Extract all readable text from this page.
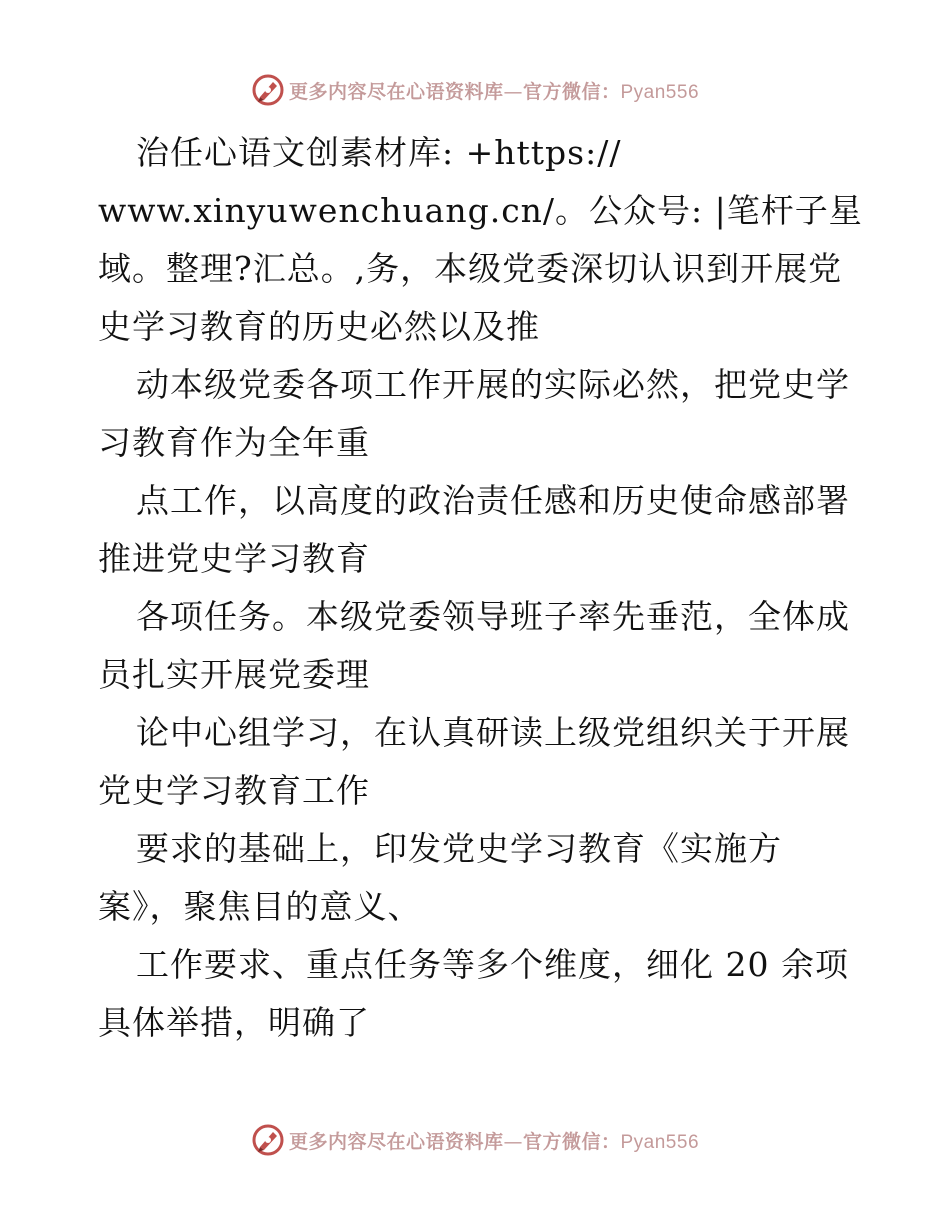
更多内容尽在心语资料库—官方微信：Pyan556
治任心语文创素材库: +https://
www.xinyuwenchuang.cn/。公众号: |笔杆子星
域。整理?汇总。,务，本级党委深切认识到开展党
史学习教育的历史必然以及推
动本级党委各项工作开展的实际必然，把党史学
习教育作为全年重
点工作，以高度的政治责任感和历史使命感部署
推进党史学习教育
各项任务。本级党委领导班子率先垂范，全体成
员扎实开展党委理
论中心组学习，在认真研读上级党组织关于开展
党史学习教育工作
要求的基础上，印发党史学习教育《实施方
案》，聚焦目的意义、
工作要求、重点任务等多个维度，细化 20 余项
具体举措，明确了
更多内容尽在心语资料库—官方微信：Pyan556
